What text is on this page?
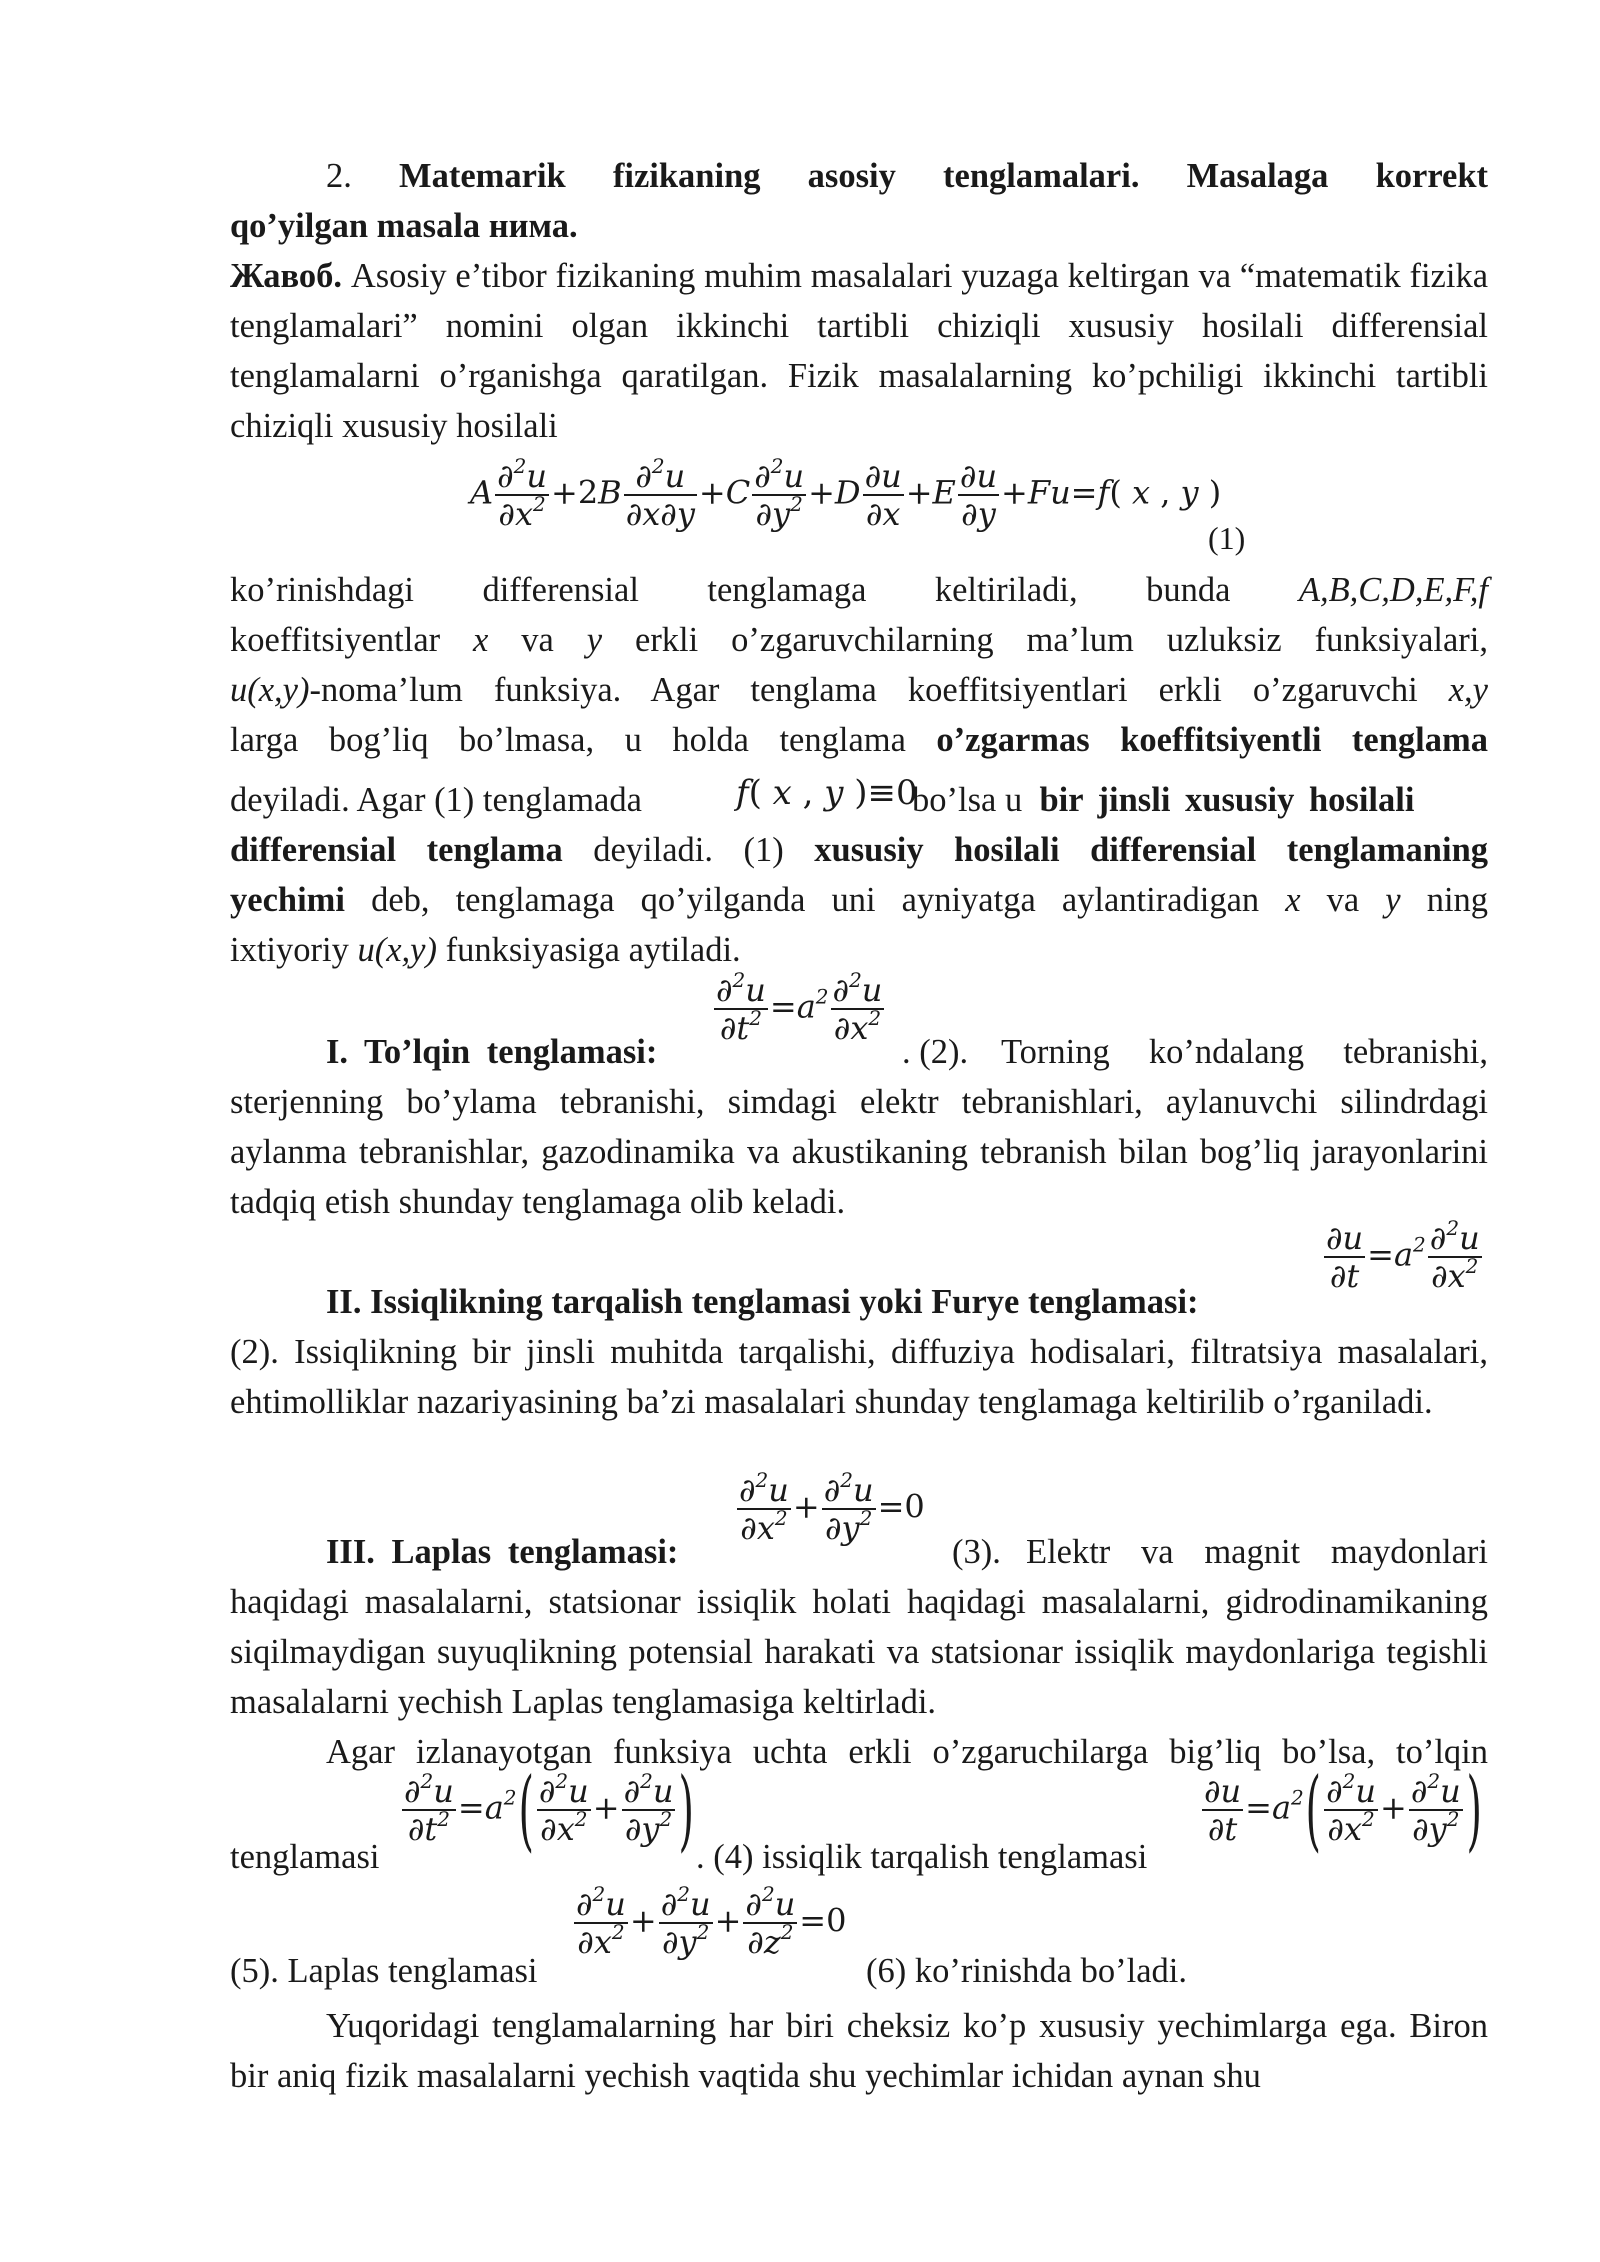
2. Matemarik fizikaning asosiy tenglamalari. Masalaga korrekt
qo’yilgan masala нима.
Жавоб. Asosiy e’tibor fizikaning muhim masalalari yuzaga keltirgan va “matematik fizika tenglamalari” nomini olgan ikkinchi tartibli chiziqli xususiy hosilali differensial tenglamalarni o’rganishga qaratilgan. Fizik masalalarning ko’pchiligi ikkinchi tartibli chiziqli xususiy hosilali
A $\frac{\partial^2u}{\partial x^2} +2B \frac{\partial^2u}{\partial x\partial y} +C \frac{\partial^2u}{\partial y^2} +D \frac{\partial u}{\partial x} +E \frac{\partial u}{\partial y} +Fu=f$( x , y )
(1)
ko’rinishdagi differensial tenglamaga keltiriladi, bunda A,B,C,D,E,F,f
koeffitsiyentlar x va y erkli o’zgaruvchilarning ma’lum uzluksiz funksiyalari,
u(x,y)-noma’lum funksiya. Agar tenglama koeffitsiyentlari erkli o’zgaruvchi x,y
larga bog’liq bo’lmasa, u holda tenglama o’zgarmas koeffitsiyentli tenglama
deyiladi. Agar (1) tenglamada	f( x , y )≡0
bo’lsa u bir jinsli xususiy hosilali
differensial tenglama deyiladi. (1) xususiy hosilali differensial tenglamaning
yechimi deb, tenglamaga qo’yilganda uni ayniyatga aylantiradigan x va y ning
ixtiyoriy u(x,y) funksiyasiga aytiladi.
$\frac{\partial^2u}{\partial t^2} =a^2 \frac{\partial^2u}{\partial x^2}$
I. To’lqin tenglamasi:	. (2). Torning ko’ndalang tebranishi,
sterjenning bo’ylama tebranishi, simdagi elektr tebranishlari, aylanuvchi silindrdagi aylanma tebranishlar, gazodinamika va akustikaning tebranish bilan bog’liq jarayonlarini tadqiq etish shunday tenglamaga olib keladi.
$\frac{\partial u}{\partial t} =a^2 \frac{\partial^2u}{\partial x^2}$
II. Issiqlikning tarqalish tenglamasi yoki Furye tenglamasi:
(2). Issiqlikning bir jinsli muhitda tarqalishi, diffuziya hodisalari, filtratsiya masalalari, ehtimolliklar nazariyasining ba’zi masalalari shunday tenglamaga keltirilib o’rganiladi.
$\frac{\partial^2u}{\partial x^2} + \frac{\partial^2u}{\partial y^2} =0$
III. Laplas tenglamasi:	(3). Elektr va magnit maydonlari
haqidagi masalalarni, statsionar issiqlik holati haqidagi masalalarni, gidrodinamikaning siqilmaydigan suyuqlikning potensial harakati va statsionar issiqlik maydonlariga tegishli masalalarni yechish Laplas tenglamasiga keltirladi.
Agar izlanayotgan funksiya uchta erkli o’zgaruchilarga big’liq bo’lsa, to’lqin
$\frac{\partial^2u}{\partial t^2} =a^2( \frac{\partial^2u}{\partial x^2} + \frac{\partial^2u}{\partial y^2}$ )
tenglamasi	. (4) issiqlik tarqalish tenglamasi
$\frac{\partial u}{\partial t} =a^2( \frac{\partial^2u}{\partial x^2} + \frac{\partial^2u}{\partial y^2}$ )
$\frac{\partial^2u}{\partial x^2} + \frac{\partial^2u}{\partial y^2} + \frac{\partial^2u}{\partial z^2} =0$
(5). Laplas tenglamasi	(6) ko’rinishda bo’ladi.
Yuqoridagi tenglamalarning har biri cheksiz ko’p xususiy yechimlarga ega. Biron bir aniq fizik masalalarni yechish vaqtida shu yechimlar ichidan aynan shu
